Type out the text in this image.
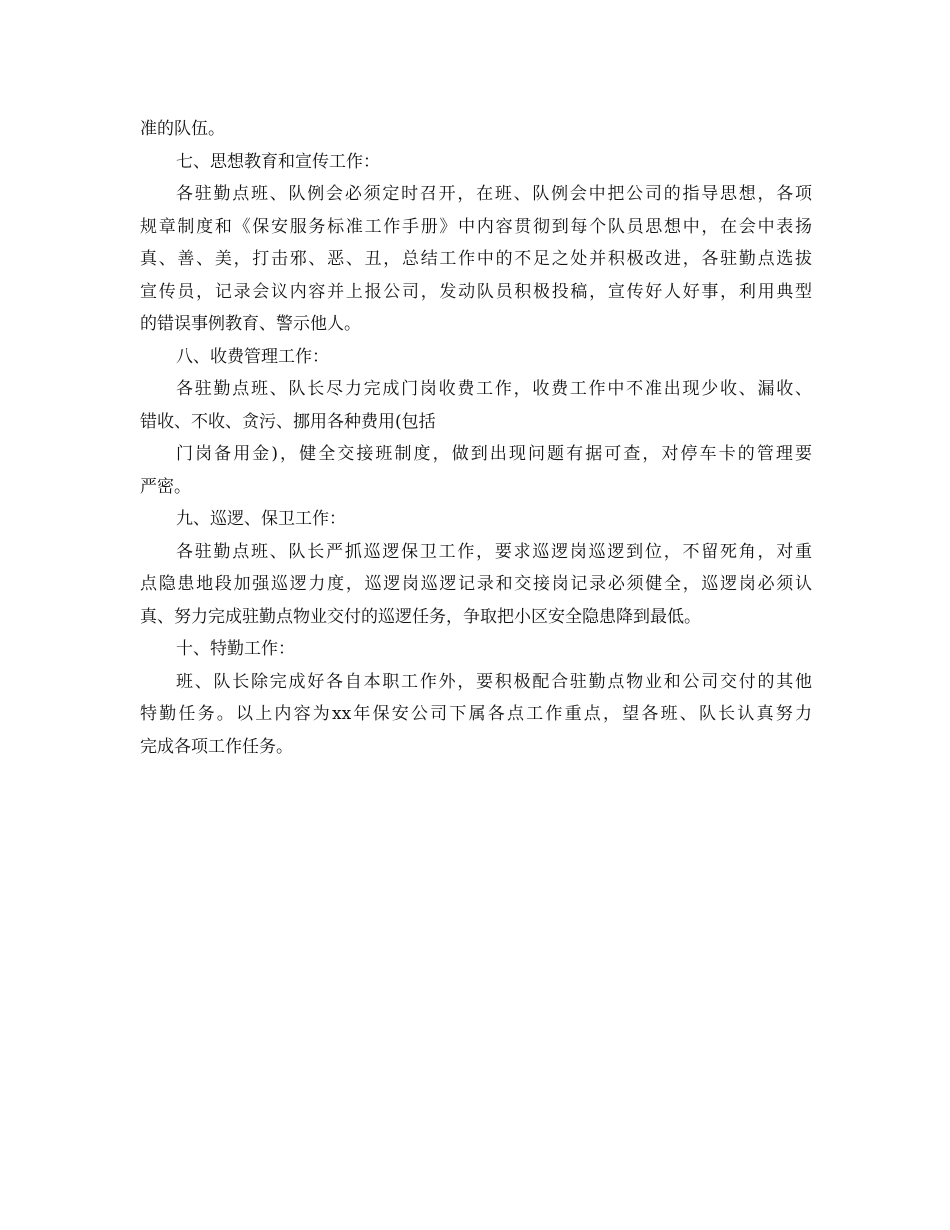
准的队伍。

七、思想教育和宣传工作：

各驻勤点班、队例会必须定时召开，在班、队例会中把公司的指导思想，各项

规章制度和《保安服务标准工作手册》中内容贯彻到每个队员思想中，在会中表扬

真、善、美，打击邪、恶、丑，总结工作中的不足之处并积极改进，各驻勤点选拔

宣传员，记录会议内容并上报公司，发动队员积极投稿，宣传好人好事，利用典型

的错误事例教育、警示他人。

八、收费管理工作：

各驻勤点班、队长尽力完成门岗收费工作，收费工作中不准出现少收、漏收、

错收、不收、贪污、挪用各种费用(包括

门岗备用金)，健全交接班制度，做到出现问题有据可查，对停车卡的管理要

严密。

九、巡逻、保卫工作：

各驻勤点班、队长严抓巡逻保卫工作，要求巡逻岗巡逻到位，不留死角，对重

点隐患地段加强巡逻力度，巡逻岗巡逻记录和交接岗记录必须健全，巡逻岗必须认

真、努力完成驻勤点物业交付的巡逻任务，争取把小区安全隐患降到最低。

十、特勤工作：

班、队长除完成好各自本职工作外，要积极配合驻勤点物业和公司交付的其他

特勤任务。以上内容为xx年保安公司下属各点工作重点，望各班、队长认真努力

完成各项工作任务。
